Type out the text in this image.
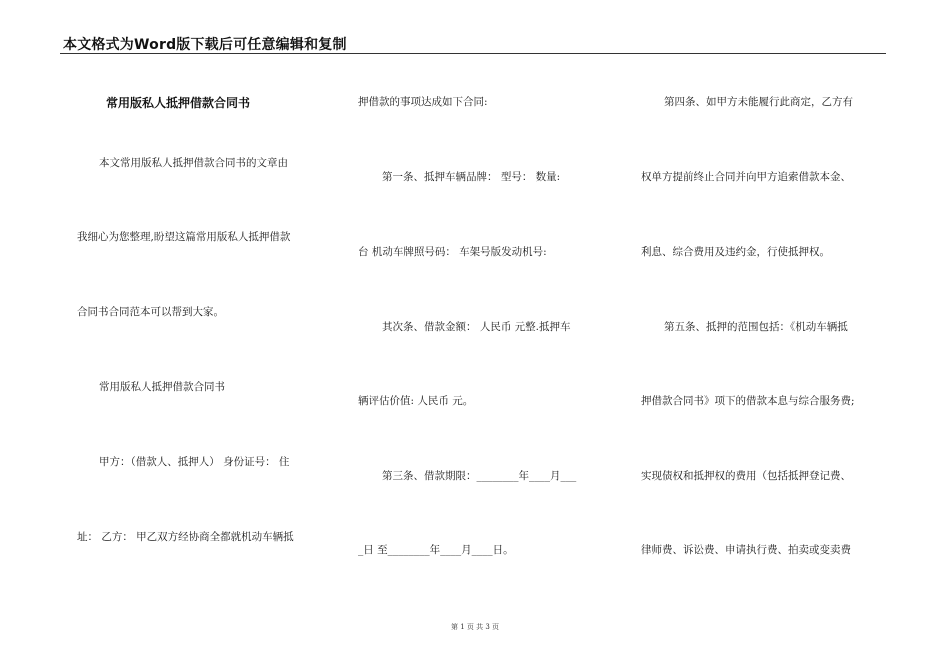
本文格式为Word版下载后可任意编辑和复制
常用版私人抵押借款合同书
本文常用版私人抵押借款合同书的文章由
我细心为您整理,盼望这篇常用版私人抵押借款
合同书合同范本可以帮到大家。
常用版私人抵押借款合同书
甲方：（借款人、抵押人） 身份证号： 住
址： 乙方： 甲乙双方经协商全都就机动车辆抵
押借款的事项达成如下合同:
第一条、抵押车辆品牌： 型号： 数量:
台 机动车牌照号码： 车架号版发动机号:
其次条、借款金额： 人民币 元整.抵押车
辆评估价值: 人民币 元。
第三条、借款期限：________年____月___
_日 至________年____月____日。
第四条、如甲方未能履行此商定，乙方有
权单方提前终止合同并向甲方追索借款本金、
利息、综合费用及违约金，行使抵押权。
第五条、抵押的范围包括：《机动车辆抵
押借款合同书》项下的借款本息与综合服务费;
实现债权和抵押权的费用（包括抵押登记费、
律师费、诉讼费、申请执行费、拍卖或变卖费
第 1 页 共 3 页
